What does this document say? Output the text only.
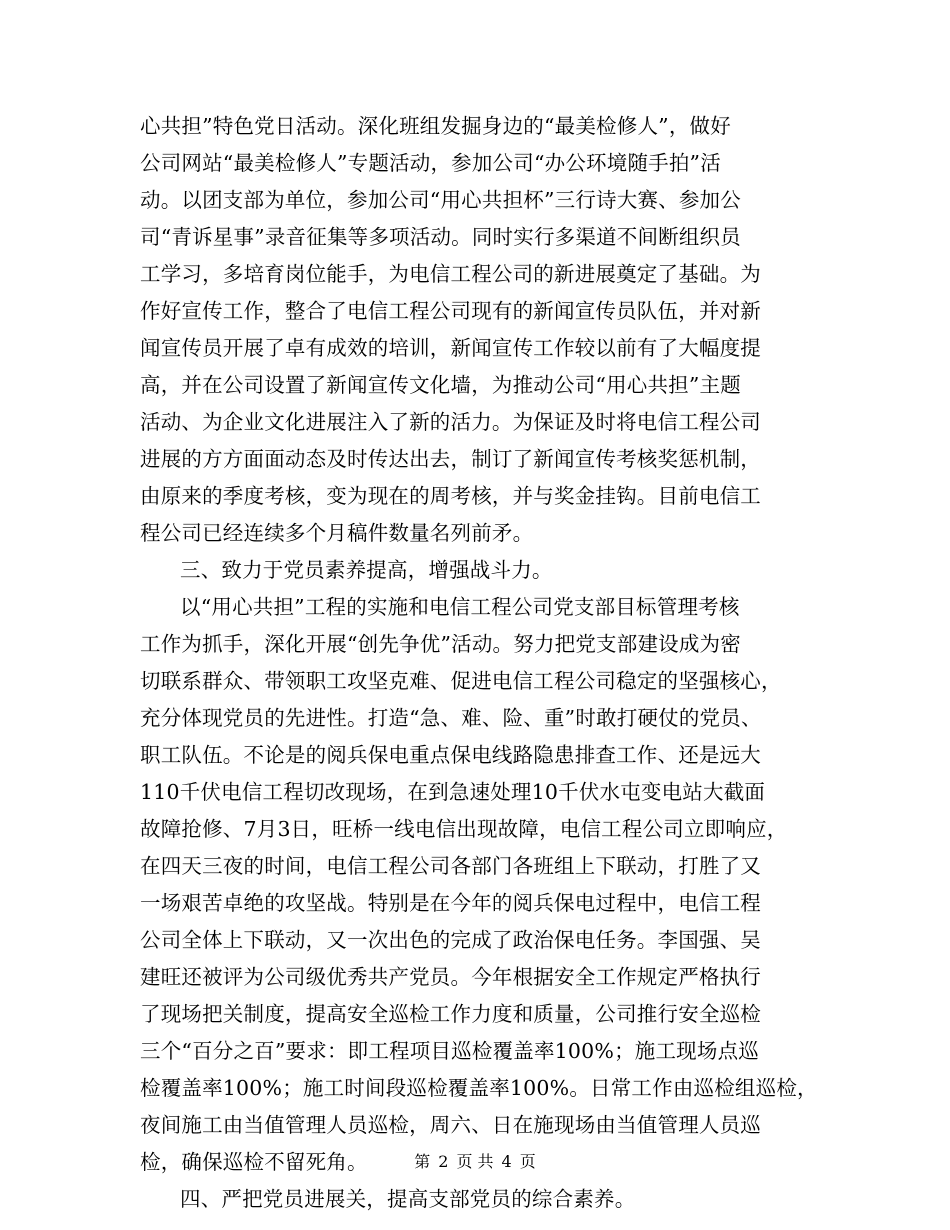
心共担”特色党日活动。深化班组发掘身边的“最美检修人”，做好
公司网站“最美检修人”专题活动，参加公司“办公环境随手拍”活
动。以团支部为单位，参加公司“用心共担杯”三行诗大赛、参加公
司“青诉星事”录音征集等多项活动。同时实行多渠道不间断组织员
工学习，多培育岗位能手，为电信工程公司的新进展奠定了基础。为
作好宣传工作，整合了电信工程公司现有的新闻宣传员队伍，并对新
闻宣传员开展了卓有成效的培训，新闻宣传工作较以前有了大幅度提
高，并在公司设置了新闻宣传文化墙，为推动公司“用心共担”主题
活动、为企业文化进展注入了新的活力。为保证及时将电信工程公司
进展的方方面面动态及时传达出去，制订了新闻宣传考核奖惩机制，
由原来的季度考核，变为现在的周考核，并与奖金挂钩。目前电信工
程公司已经连续多个月稿件数量名列前矛。
三、致力于党员素养提高，增强战斗力。
以“用心共担”工程的实施和电信工程公司党支部目标管理考核
工作为抓手，深化开展“创先争优”活动。努力把党支部建设成为密
切联系群众、带领职工攻坚克难、促进电信工程公司稳定的坚强核心，
充分体现党员的先进性。打造“急、难、险、重”时敢打硬仗的党员、
职工队伍。不论是的阅兵保电重点保电线路隐患排查工作、还是远大
110千伏电信工程切改现场，在到急速处理10千伏水屯变电站大截面
故障抢修、7月3日，旺桥一线电信出现故障，电信工程公司立即响应，
在四天三夜的时间，电信工程公司各部门各班组上下联动，打胜了又
一场艰苦卓绝的攻坚战。特别是在今年的阅兵保电过程中，电信工程
公司全体上下联动，又一次出色的完成了政治保电任务。李国强、吴
建旺还被评为公司级优秀共产党员。今年根据安全工作规定严格执行
了现场把关制度，提高安全巡检工作力度和质量，公司推行安全巡检
三个“百分之百”要求：即工程项目巡检覆盖率100%；施工现场点巡
检覆盖率100%；施工时间段巡检覆盖率100%。日常工作由巡检组巡检，
夜间施工由当值管理人员巡检，周六、日在施现场由当值管理人员巡
检，确保巡检不留死角。
四、严把党员进展关，提高支部党员的综合素养。
第 2 页 共 4 页
